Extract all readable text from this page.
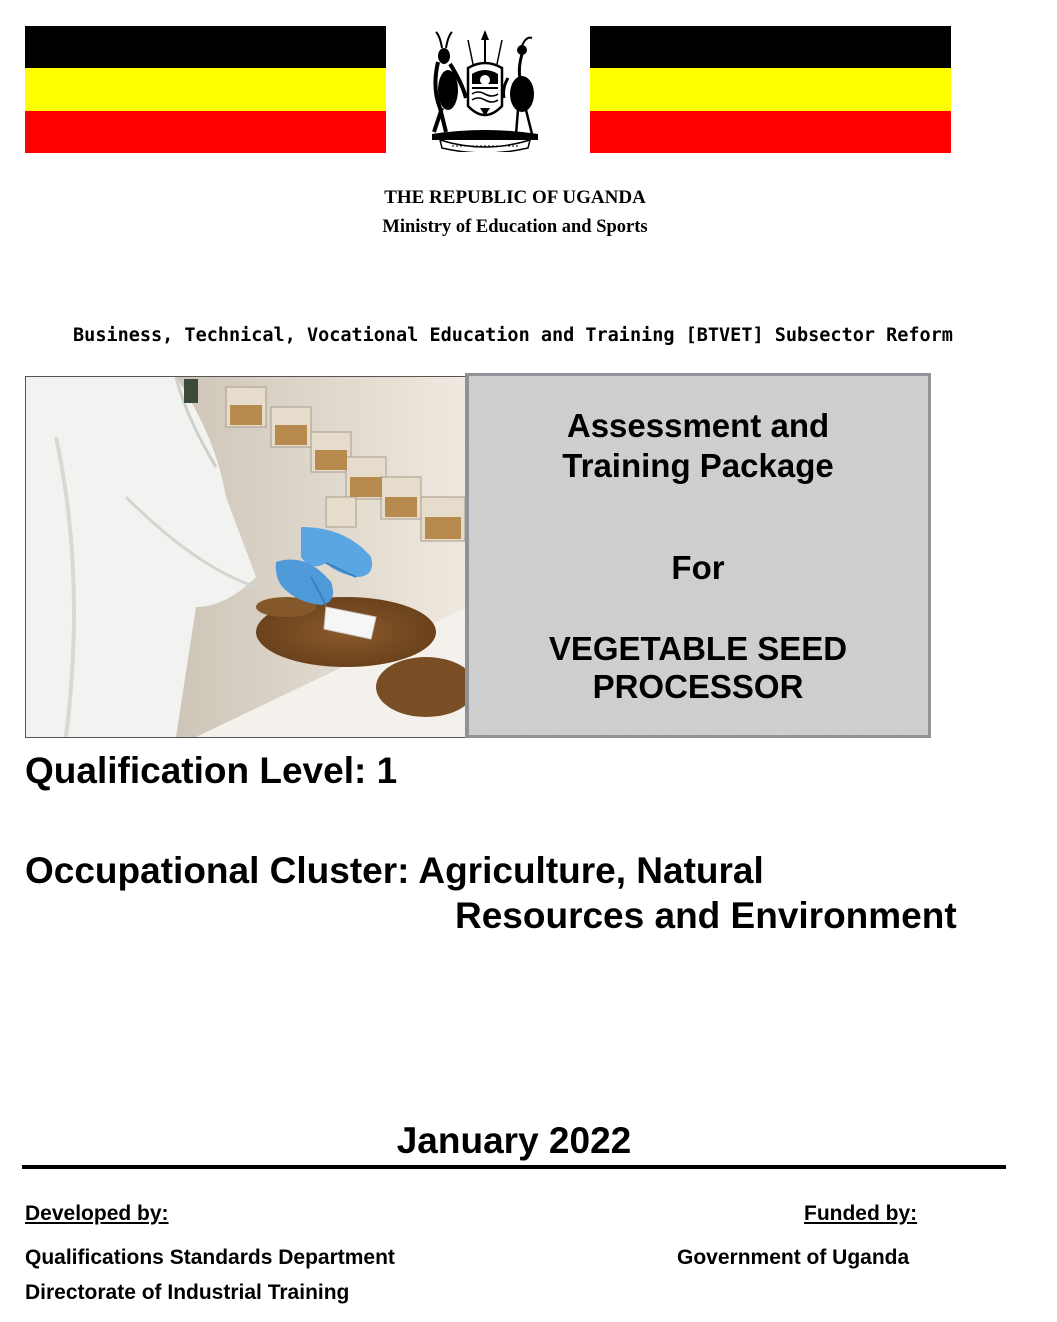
THE REPUBLIC OF UGANDA
Ministry of Education and Sports
Business, Technical, Vocational Education and Training [BTVET] Subsector Reform
Assessment and
Training Package
For
VEGETABLE SEED
PROCESSOR
Qualification Level: 1
Occupational Cluster: Agriculture, Natural
Resources and Environment
January 2022
Developed by:	Funded by:
Qualifications Standards Department
Directorate of Industrial Training
Government of Uganda
